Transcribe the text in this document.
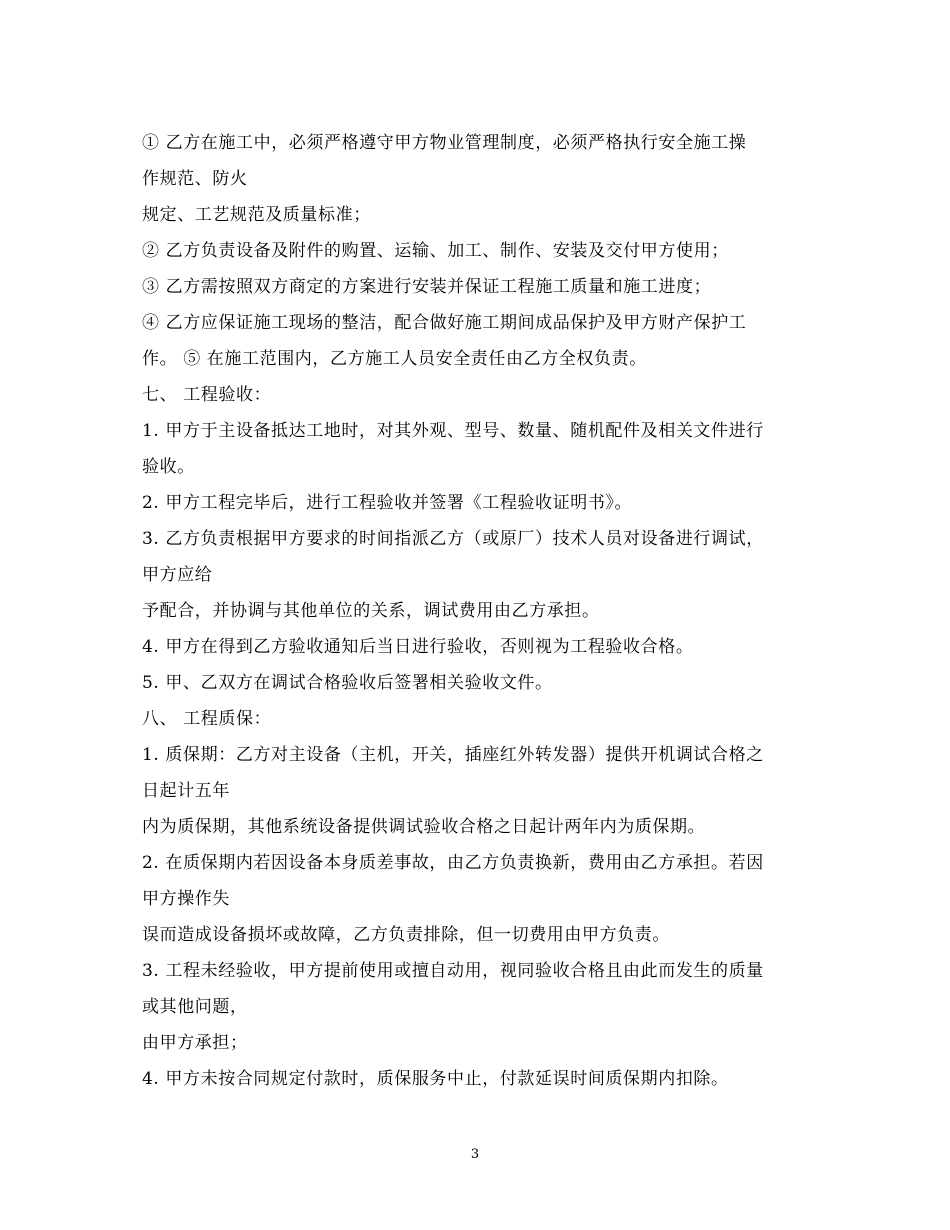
① 乙方在施工中，必须严格遵守甲方物业管理制度，必须严格执行安全施工操
作规范、防火
规定、工艺规范及质量标准；
② 乙方负责设备及附件的购置、运输、加工、制作、安装及交付甲方使用；
③ 乙方需按照双方商定的方案进行安装并保证工程施工质量和施工进度；
④ 乙方应保证施工现场的整洁，配合做好施工期间成品保护及甲方财产保护工
作。 ⑤ 在施工范围内，乙方施工人员安全责任由乙方全权负责。
七、 工程验收：
1. 甲方于主设备抵达工地时，对其外观、型号、数量、随机配件及相关文件进行
验收。
2. 甲方工程完毕后，进行工程验收并签署《工程验收证明书》。
3. 乙方负责根据甲方要求的时间指派乙方（或原厂）技术人员对设备进行调试，
甲方应给
予配合，并协调与其他单位的关系，调试费用由乙方承担。
4. 甲方在得到乙方验收通知后当日进行验收，否则视为工程验收合格。
5. 甲、乙双方在调试合格验收后签署相关验收文件。
八、 工程质保：
1. 质保期：乙方对主设备（主机，开关，插座红外转发器）提供开机调试合格之
日起计五年
内为质保期，其他系统设备提供调试验收合格之日起计两年内为质保期。
2. 在质保期内若因设备本身质差事故，由乙方负责换新，费用由乙方承担。若因
甲方操作失
误而造成设备损坏或故障，乙方负责排除，但一切费用由甲方负责。
3. 工程未经验收，甲方提前使用或擅自动用，视同验收合格且由此而发生的质量
或其他问题，
由甲方承担；
4. 甲方未按合同规定付款时，质保服务中止，付款延误时间质保期内扣除。
3
